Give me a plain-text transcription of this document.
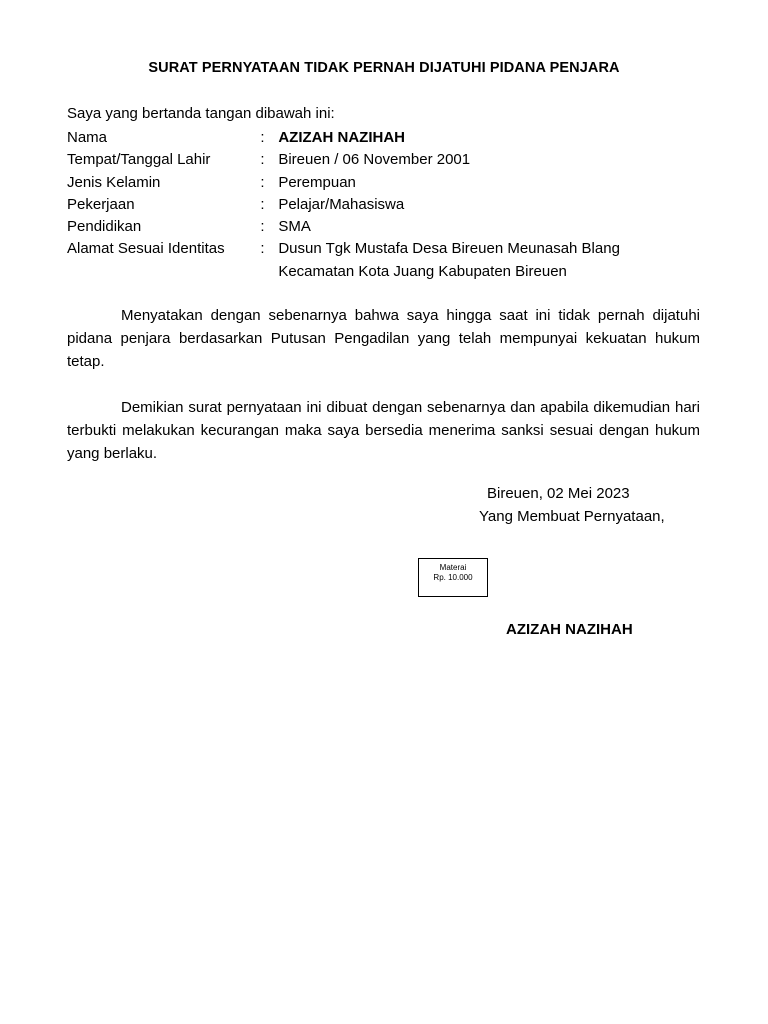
SURAT PERNYATAAN TIDAK PERNAH DIJATUHI PIDANA PENJARA
Saya yang bertanda tangan dibawah ini:
Nama	: AZIZAH NAZIHAH
Tempat/Tanggal Lahir	: Bireuen / 06 November 2001
Jenis Kelamin	: Perempuan
Pekerjaan	: Pelajar/Mahasiswa
Pendidikan	: SMA
Alamat Sesuai Identitas	: Dusun Tgk Mustafa Desa Bireuen Meunasah Blang
Kecamatan Kota Juang Kabupaten Bireuen

Menyatakan dengan sebenarnya bahwa saya hingga saat ini tidak pernah dijatuhi pidana penjara berdasarkan Putusan Pengadilan yang telah mempunyai kekuatan hukum tetap.

Demikian surat pernyataan ini dibuat dengan sebenarnya dan apabila dikemudian hari terbukti melakukan kecurangan maka saya bersedia menerima sanksi sesuai dengan hukum yang berlaku.

Bireuen, 02 Mei 2023
Yang Membuat Pernyataan,
Materai
Rp. 10.000
AZIZAH NAZIHAH
